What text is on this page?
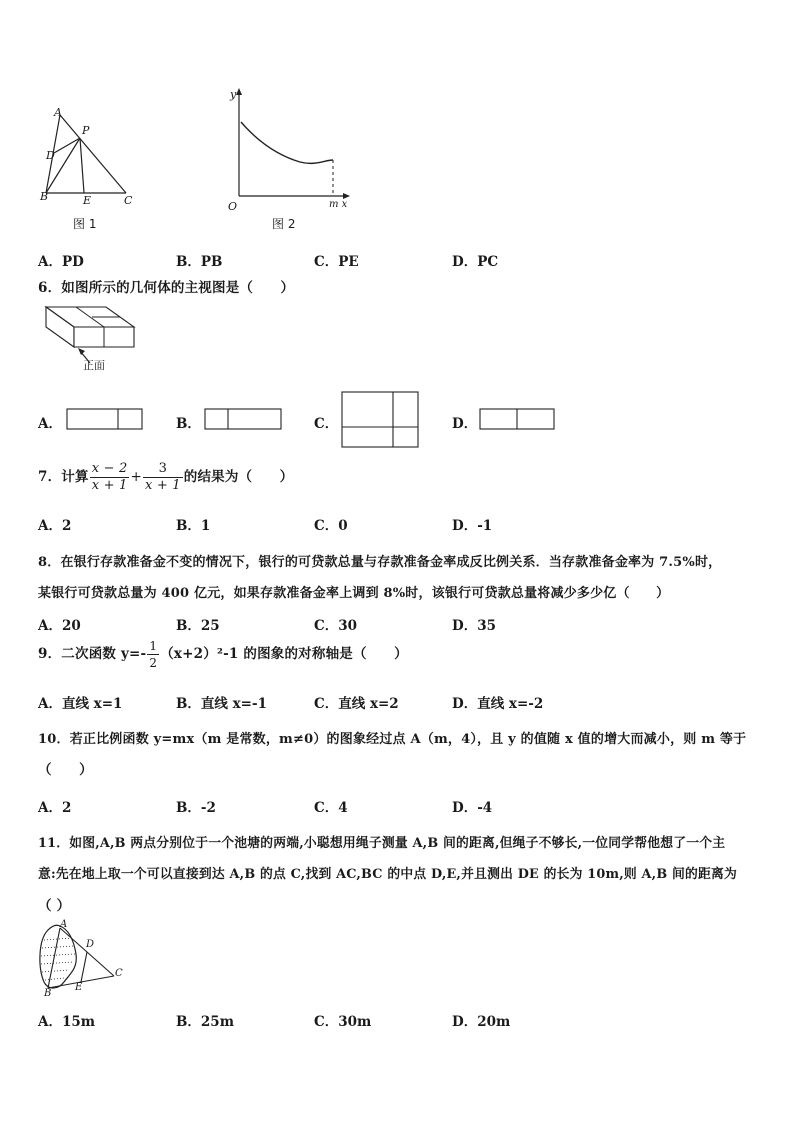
A
P
D
B	E	C
图 1
y
O	m x
图 2
A．PD	B．PB	C．PE	D．PC
6．如图所示的几何体的主视图是（　　）
正面
A．	B．	C．	D．
7．计算 $\frac{x - 2}{x + 1} + \frac{3}{x + 1}$ 的结果为（　　）
A．2	B．1	C．0	D．-1
8．在银行存款准备金不变的情况下，银行的可贷款总量与存款准备金率成反比例关系．当存款准备金率为 7.5%时，
某银行可贷款总量为 400 亿元，如果存款准备金率上调到 8%时，该银行可贷款总量将减少多少亿（　　）
A．20	B．25	C．30	D．35
9．二次函数 $y=- \frac{1}{2} (x+2)^2-1$ 的图象的对称轴是（　　）
A．直线 x=1	B．直线 x=-1	C．直线 x=2	D．直线 x=-2
10．若正比例函数 y=mx（m 是常数，m≠0）的图象经过点 A（m，4），且 y 的值随 x 值的增大而减小，则 m 等于
（　　）
A．2	B．-2	C．4	D．-4
11．如图,A,B 两点分别位于一个池塘的两端,小聪想用绳子测量 A,B 间的距离,但绳子不够长,一位同学帮他想了一个主
意:先在地上取一个可以直接到达 A,B 的点 C,找到 AC,BC 的中点 D,E,并且测出 DE 的长为 10m,则 A,B 间的距离为
（ ）
A
D
C
B
E
A．15m	B．25m	C．30m	D．20m
